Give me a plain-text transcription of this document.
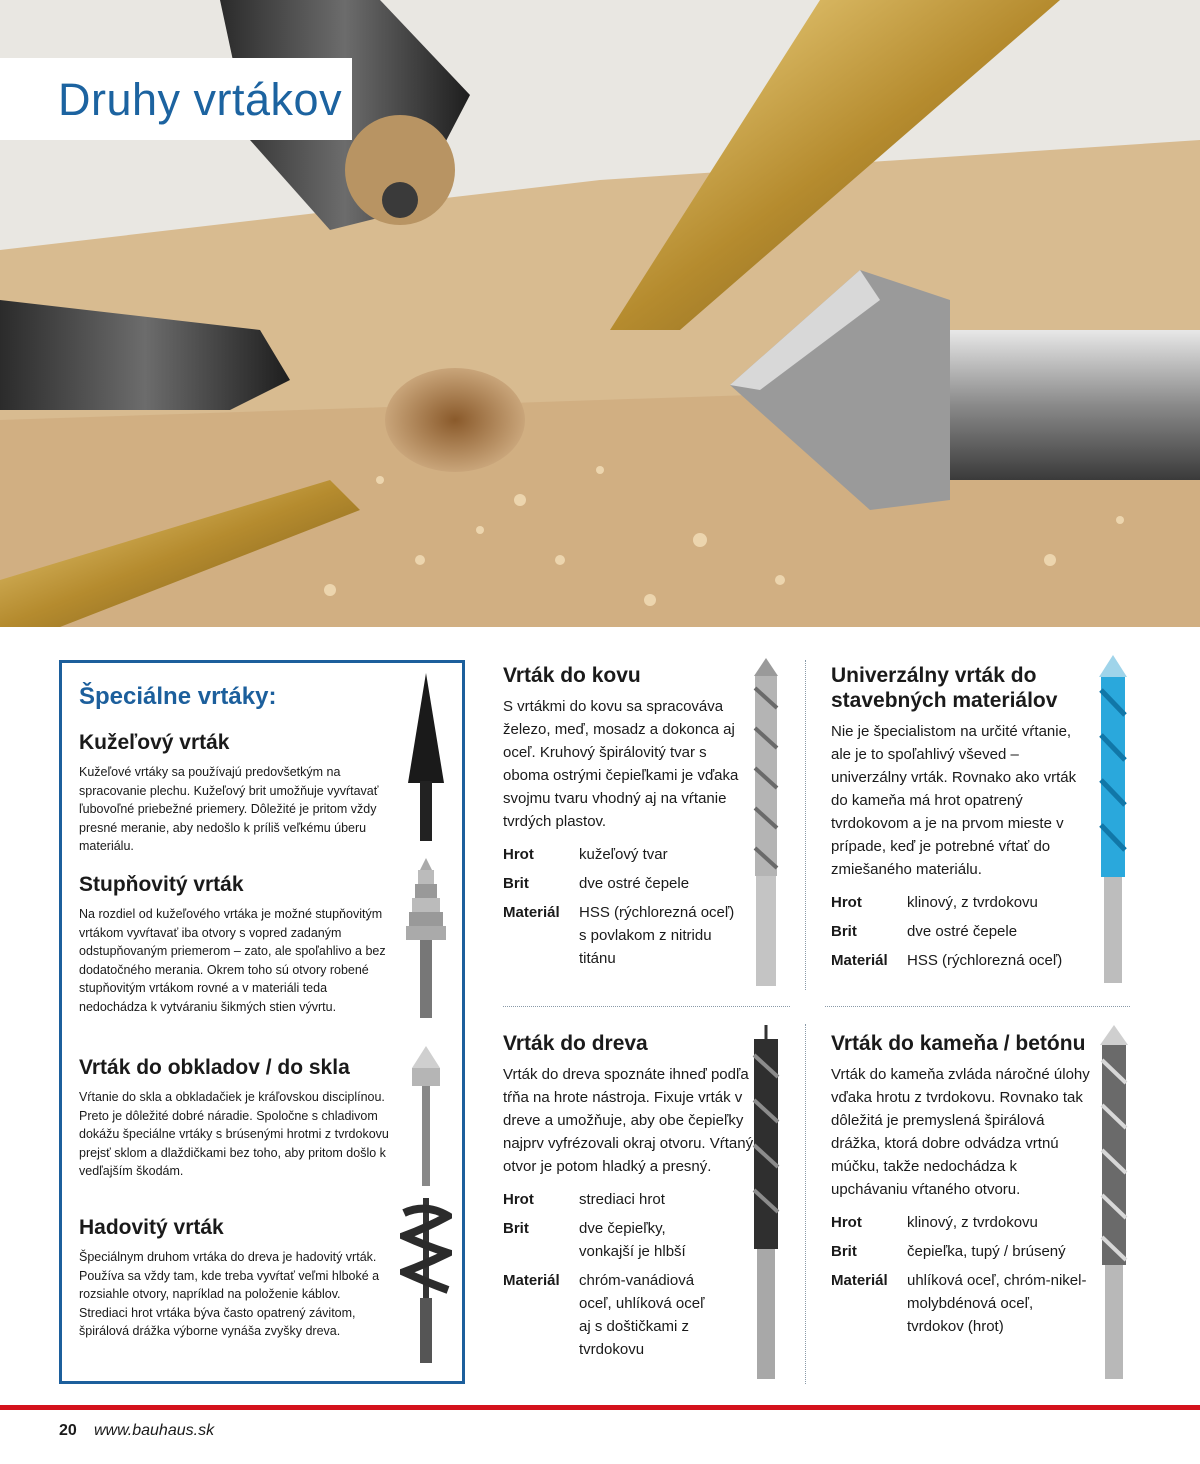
Druhy vrtákov
Špeciálne vrtáky:
Kužeľový vrták

Kužeľové vrtáky sa používajú predovšetkým na spracovanie plechu. Kužeľový brit umožňuje vyvŕtavať ľubovoľné priebežné priemery. Dôležité je pritom vždy presné meranie, aby nedošlo k príliš veľkému úberu materiálu.

Stupňovitý vrták

Na rozdiel od kužeľového vrtáka je možné stupňovitým vrtákom vyvŕtavať iba otvory s vopred zadaným odstupňovaným priemerom – zato, ale spoľahlivo a bez dodatočného merania. Okrem toho sú otvory robené stupňovitým vrtákom rovné a v materiáli teda nedochádza k vytváraniu šikmých stien vývrtu.

Vrták do obkladov / do skla

Vŕtanie do skla a obkladačiek je kráľovskou disciplínou. Preto je dôležité dobré náradie. Spoločne s chladivom dokážu špeciálne vrtáky s brúsenými hrotmi z tvrdokovu prejsť sklom a dlaždičkami bez toho, aby pritom došlo k vedľajším škodám.

Hadovitý vrták

Špeciálnym druhom vrtáka do dreva je hadovitý vrták. Používa sa vždy tam, kde treba vyvŕtať veľmi hlboké a rozsiahle otvory, napríklad na položenie káblov. Strediaci hrot vrtáka býva často opatrený závitom, špirálová drážka výborne vynáša zvyšky dreva.

Vrták do kovu

S vrtákmi do kovu sa spracováva železo, meď, mosadz a dokonca aj oceľ. Kruhový špirálovitý tvar s oboma ostrými čepieľkami je vďaka svojmu tvaru vhodný aj na vŕtanie tvrdých plastov.

Hrot	kužeľový tvar
Brit	dve ostré čepele
Materiál	HSS (rýchlorezná oceľ) s povlakom z nitridu titánu
Univerzálny vrták do stavebných materiálov

Nie je špecialistom na určité vŕtanie, ale je to spoľahlivý vševed – univerzálny vrták. Rovnako ako vrták do kameňa má hrot opatrený tvrdokovom a je na prvom mieste v prípade, keď je potrebné vŕtať do zmiešaného materiálu.

Hrot	klinový, z tvrdokovu
Brit	dve ostré čepele
Materiál	HSS (rýchlorezná oceľ)
Vrták do dreva

Vrták do dreva spoznáte ihneď podľa tŕňa na hrote nástroja. Fixuje vrták v dreve a umožňuje, aby obe čepieľky najprv vyfrézovali okraj otvoru. Vŕtaný otvor je potom hladký a presný.

Hrot	strediaci hrot
Brit	dve čepieľky, vonkajší je hlbší
Materiál	chróm-vanádiová oceľ, uhlíková oceľ aj s doštičkami z tvrdokovu
Vrták do kameňa / betónu

Vrták do kameňa zvláda náročné úlohy vďaka hrotu z tvrdokovu. Rovnako tak dôležitá je premyslená špirálová drážka, ktorá dobre odvádza vrtnú múčku, takže nedochádza k upchávaniu vŕtaného otvoru.

Hrot	klinový, z tvrdokovu
Brit	čepieľka, tupý / brúsený
Materiál	uhlíková oceľ, chróm-nikel-molybdénová oceľ, tvrdokov (hrot)
20 www.bauhaus.sk
